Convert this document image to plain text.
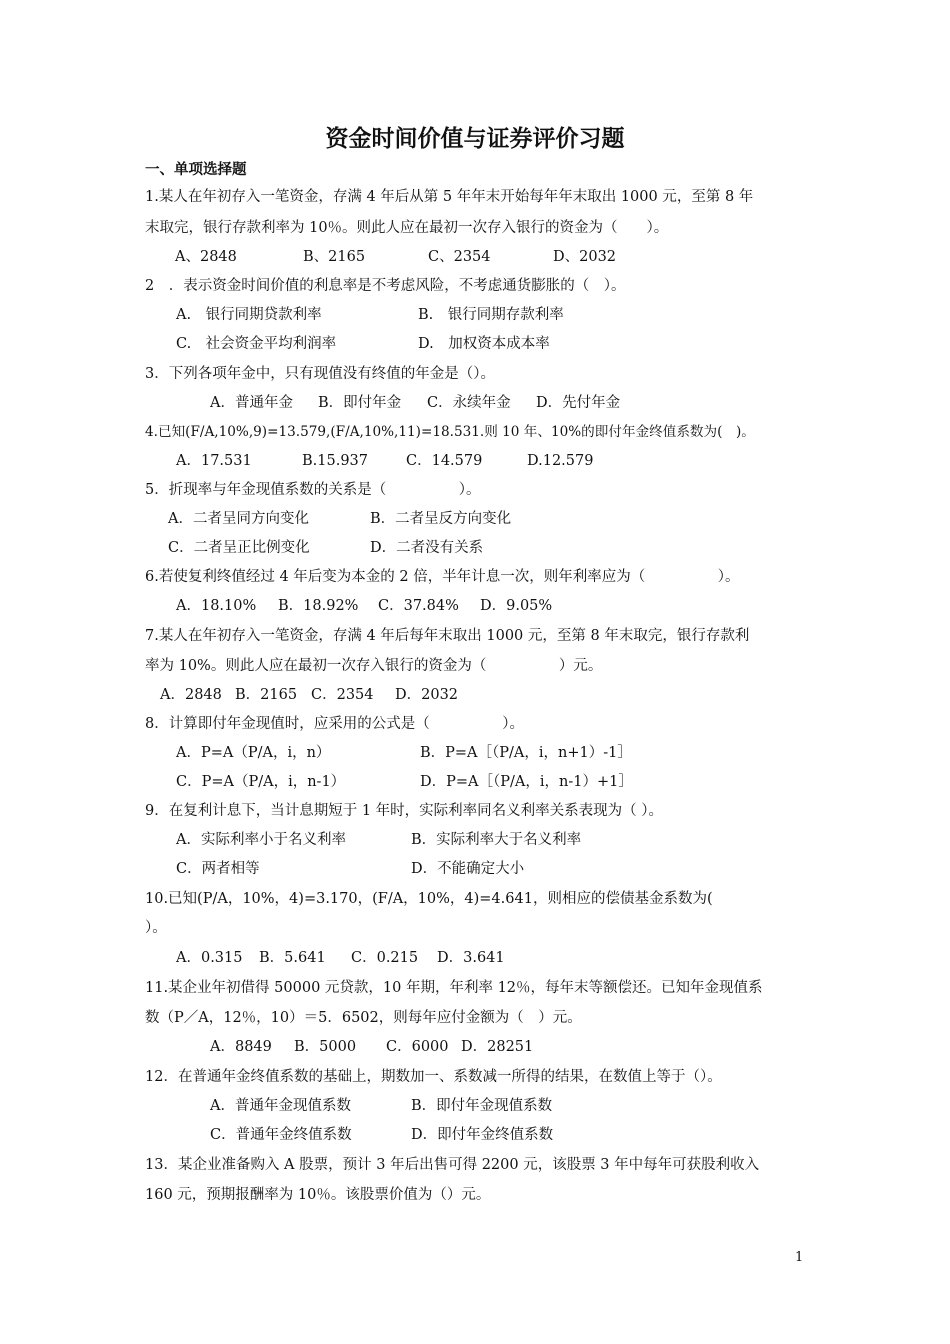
资金时间价值与证券评价习题
一、单项选择题
1.某人在年初存入一笔资金，存满 4 年后从第 5 年年末开始每年年末取出 1000 元，至第 8 年
末取完，银行存款利率为 10％。则此人应在最初一次存入银行的资金为（　　）。
A、2848	B、2165	C、2354	D、2032
2　．表示资金时间价值的利息率是不考虑风险，不考虑通货膨胀的（　）。
A.　银行同期贷款利率	B.　银行同期存款利率
C.　社会资金平均利润率	D.　加权资本成本率
3．下列各项年金中，只有现值没有终值的年金是（）。
A．普通年金 B．即付年金 C．永续年金 D．先付年金
4.已知(F/A,10%,9)=13.579,(F/A,10%,11)=18.531.则 10 年、10%的即付年金终值系数为(　)。
A．17.531	B.15.937	C．14.579	D.12.579
5．折现率与年金现值系数的关系是（　　　　　）。
A．二者呈同方向变化	B．二者呈反方向变化
C．二者呈正比例变化	D．二者没有关系
6.若使复利终值经过 4 年后变为本金的 2 倍，半年计息一次，则年利率应为（　　　　　）。
A．18.10% B．18.92% C．37.84% D．9.05%
7.某人在年初存入一笔资金，存满 4 年后每年末取出 1000 元，至第 8 年末取完，银行存款利
率为 10%。则此人应在最初一次存入银行的资金为（　　　　　）元。
A．2848 B．2165 C．2354 D．2032
8．计算即付年金现值时，应采用的公式是（　　　　　）。
A．P=A（P/A，i，n）	B．P=A［（P/A，i，n+1）-1］
C．P=A（P/A，i，n-1）	D．P=A［（P/A，i，n-1）+1］
9．在复利计息下，当计息期短于 1 年时，实际利率同名义利率关系表现为（ ）。
A．实际利率小于名义利率	B．实际利率大于名义利率
C．两者相等	D．不能确定大小
10.已知(P/A，10%，4)=3.170，(F/A，10%，4)=4.641，则相应的偿债基金系数为(
）。
A．0.315 B．5.641 C．0.215 D．3.641
11.某企业年初借得 50000 元贷款，10 年期，年利率 12％，每年末等额偿还。已知年金现值系
数（P／A，12％，10）＝5．6502，则每年应付金额为（　）元。
A．8849 B．5000 C．6000 D．28251
12．在普通年金终值系数的基础上，期数加一、系数减一所得的结果，在数值上等于（）。
A．普通年金现值系数	B．即付年金现值系数
C．普通年金终值系数	D．即付年金终值系数
13．某企业准备购入 A 股票，预计 3 年后出售可得 2200 元，该股票 3 年中每年可获股利收入
160 元，预期报酬率为 10％。该股票价值为（）元。
1
